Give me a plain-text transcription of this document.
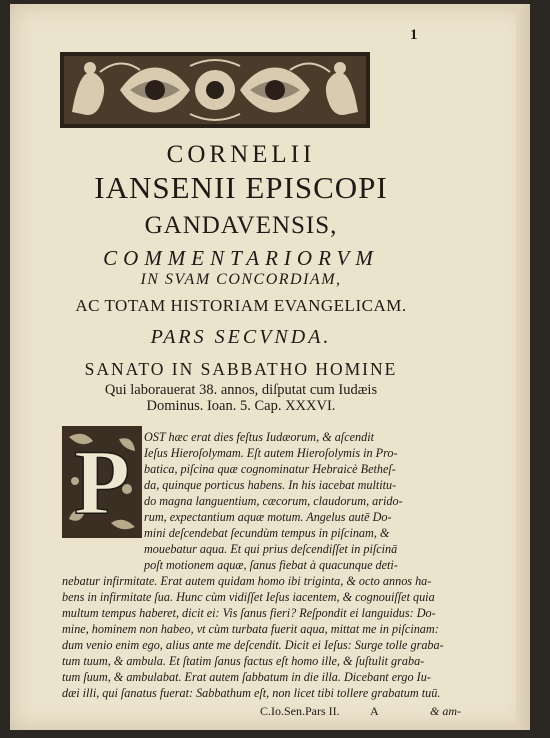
1
CORNELII
IANSENII EPISCOPI
GANDAVENSIS,
COMMENTARIORVM
IN SVAM CONCORDIAM,
AC TOTAM HISTORIAM EVANGELICAM.
PARS SECVNDA.
SANATO IN SABBATHO HOMINE
Qui laborauerat 38. annos, diſputat cum Iudæis
Dominus. Ioan. 5. Cap. XXXVI.
P OST hæc erat dies feſtus Iudæorum, & aſcendit
Ieſus Hieroſolymam. Eſt autem Hieroſolymis in Pro-
batica, piſcina quæ cognominatur Hebraicè Betheſ-
da, quinque porticus habens. In his iacebat multitu-
do magna languentium, cæcorum, claudorum, arido-
rum, expectantium aquæ motum. Angelus autē Do-
mini deſcendebat ſecundùm tempus in piſcinam, &
mouebatur aqua. Et qui prius deſcendiſſet in piſcinā
poſt motionem aquæ, ſanus fiebat à quacunque deti-
nebatur infirmitate. Erat autem quidam homo ibi triginta, & octo annos ha-
bens in infirmitate ſua. Hunc cùm vidiſſet Ieſus iacentem, & cognouiſſet quia
multum tempus haberet, dicit ei: Vis ſanus fieri? Reſpondit ei languidus: Do-
mine, hominem non habeo, vt cùm turbata fuerit aqua, mittat me in piſcinam:
dum venio enim ego, alius ante me deſcendit. Dicit ei Ieſus: Surge tolle graba-
tum tuum, & ambula. Et ſtatim ſanus factus eſt homo ille, & ſuſtulit graba-
tum ſuum, & ambulabat. Erat autem ſabbatum in die illa. Dicebant ergo Iu-
dæi illi, qui ſanatus fuerat: Sabbathum eſt, non licet tibi tollere grabatum tuū.
C.Io.Sen.Pars II.	A	& am-
